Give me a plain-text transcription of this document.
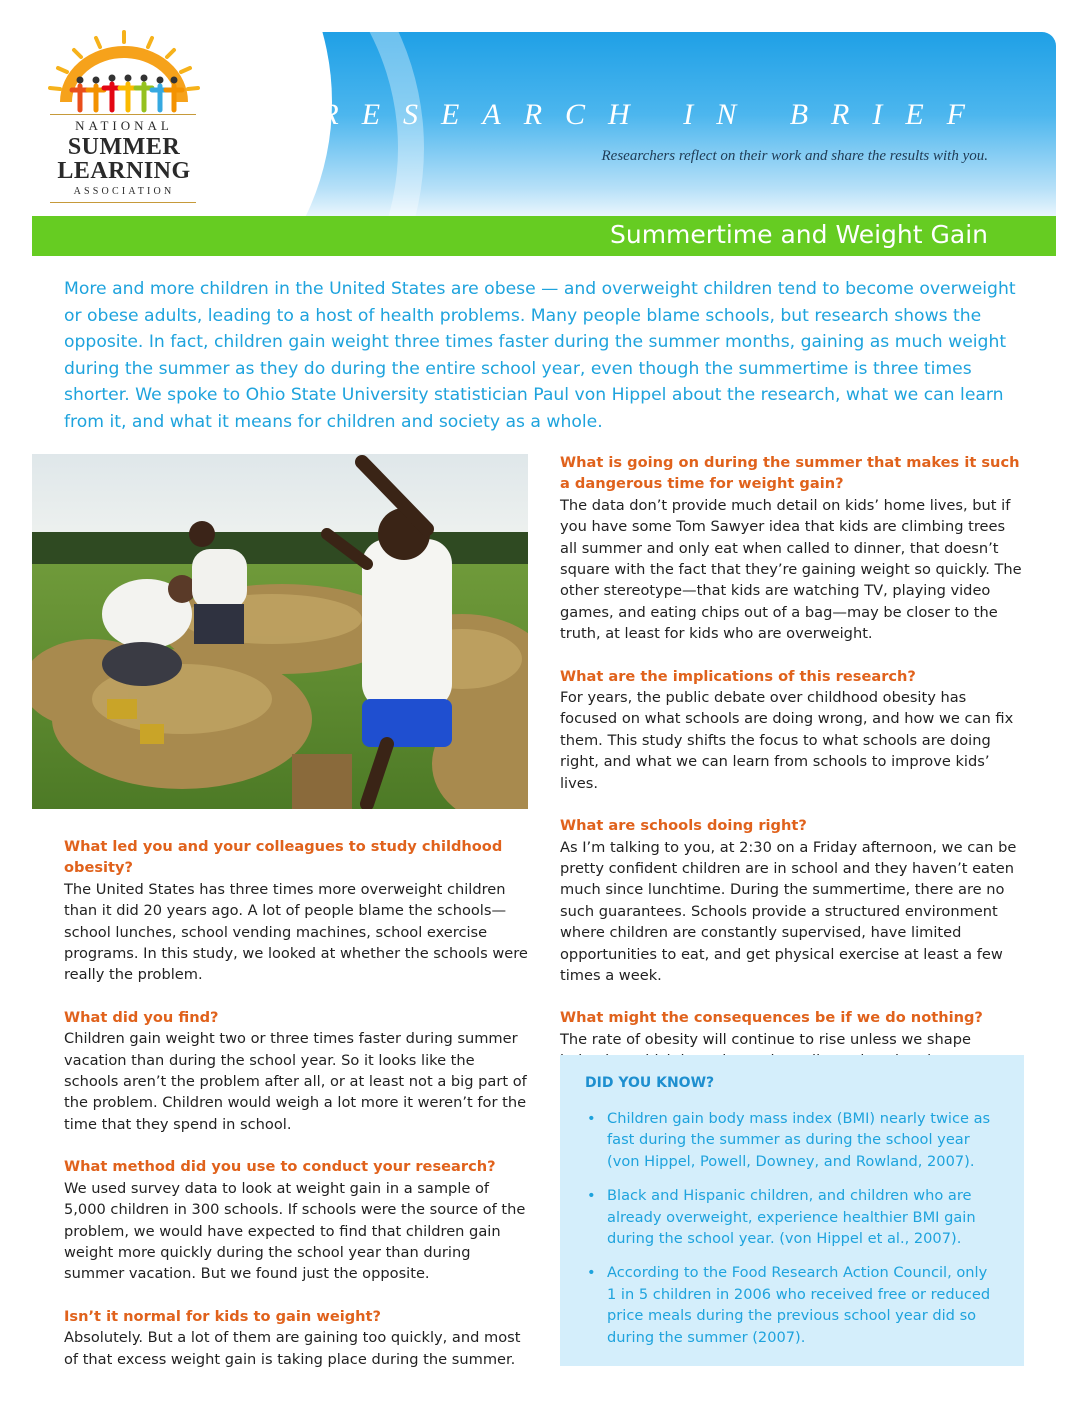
NATIONAL
SUMMER
LEARNING
ASSOCIATION
RESEARCH IN BRIEF
Researchers reflect on their work and share the results with you.
Summertime and Weight Gain

More and more children in the United States are obese — and overweight children tend to become overweight or obese adults, leading to a host of health problems. Many people blame schools, but research shows the opposite. In fact, children gain weight three times faster during the summer months, gaining as much weight during the summer as they do during the entire school year, even though the summertime is three times shorter. We spoke to Ohio State University statistician Paul von Hippel about the research, what we can learn from it, and what it means for children and society as a whole.

What led you and your colleagues to study childhood obesity?

The United States has three times more overweight children than it did 20 years ago. A lot of people blame the schools—school lunches, school vending machines, school exercise programs. In this study, we looked at whether the schools were really the problem.

What did you find?

Children gain weight two or three times faster during summer vacation than during the school year. So it looks like the schools aren’t the problem after all, or at least not a big part of the problem. Children would weigh a lot more it weren’t for the time that they spend in school.

What method did you use to conduct your research?

We used survey data to look at weight gain in a sample of 5,000 children in 300 schools. If schools were the source of the problem, we would have expected to find that children gain weight more quickly during the school year than during summer vacation. But we found just the opposite.

Isn’t it normal for kids to gain weight?

Absolutely. But a lot of them are gaining too quickly, and most of that excess weight gain is taking place during the summer.

What is going on during the summer that makes it such a dangerous time for weight gain?

The data don’t provide much detail on kids’ home lives, but if you have some Tom Sawyer idea that kids are climbing trees all summer and only eat when called to dinner, that doesn’t square with the fact that they’re gaining weight so quickly. The other stereotype—that kids are watching TV, playing video games, and eating chips out of a bag—may be closer to the truth, at least for kids who are overweight.

What are the implications of this research?

For years, the public debate over childhood obesity has focused on what schools are doing wrong, and how we can fix them. This study shifts the focus to what schools are doing right, and what we can learn from schools to improve kids’ lives.

What are schools doing right?

As I’m talking to you, at 2:30 on a Friday afternoon, we can be pretty confident children are in school and they haven’t eaten much since lunchtime. During the summertime, there are no such guarantees. Schools provide a structured environment where children are constantly supervised, have limited opportunities to eat, and get physical exercise at least a few times a week.

What might the consequences be if we do nothing?

The rate of obesity will continue to rise unless we shape

DID YOU KNOW?
• Children gain body mass index (BMI) nearly twice as fast during the summer as during the school year (von Hippel, Powell, Downey, and Rowland, 2007).
• Black and Hispanic children, and children who are already overweight, experience healthier BMI gain during the school year. (von Hippel et al., 2007).
• According to the Food Research Action Council, only 1 in 5 children in 2006 who received free or reduced price meals during the previous school year did so during the summer (2007).
